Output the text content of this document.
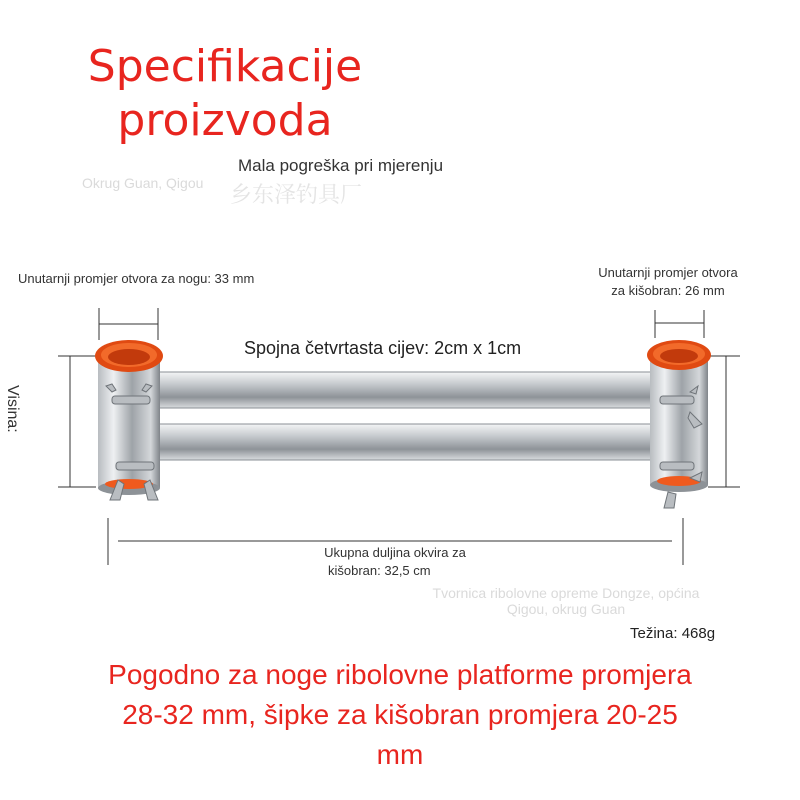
Specifikacije
proizvoda
Mala pogreška pri mjerenju
Okrug Guan, Qigou 乡东泽钓具厂
Unutarnji promjer otvora za nogu: 33 mm	Unutarnji promjer otvora
za kišobran: 26 mm
Spojna četvrtasta cijev: 2cm x 1cm
Visina:
Ukupna duljina okvira za
kišobran: 32,5 cm
Tvornica ribolovne opreme Dongze, općina
Qigou, okrug Guan
Težina: 468g
Pogodno za noge ribolovne platforme promjera
28-32 mm, šipke za kišobran promjera 20-25
mm
